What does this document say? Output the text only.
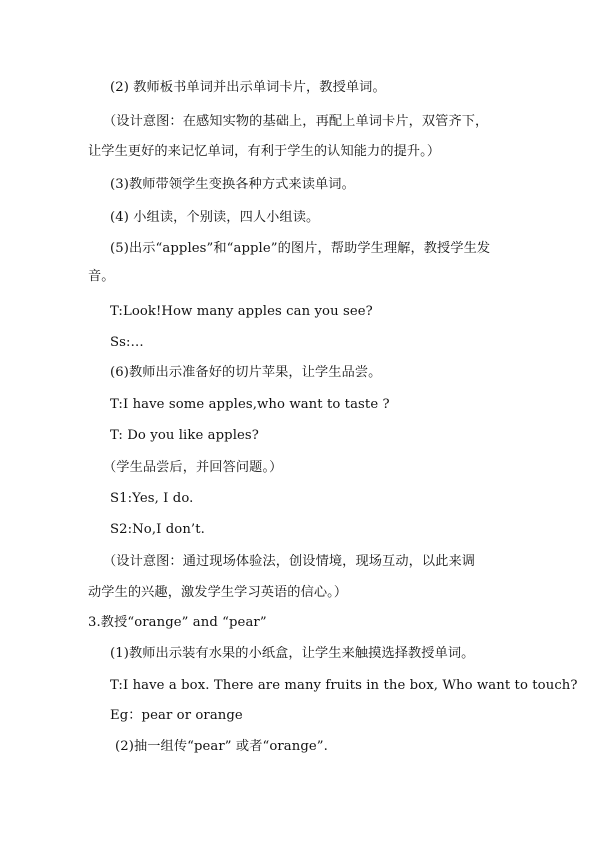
(2) 教师板书单词并出示单词卡片，教授单词。
（设计意图：在感知实物的基础上，再配上单词卡片，双管齐下，
让学生更好的来记忆单词，有利于学生的认知能力的提升。）
(3)教师带领学生变换各种方式来读单词。
(4) 小组读，个别读，四人小组读。
(5)出示“apples”和“apple”的图片，帮助学生理解，教授学生发
音。
T:Look!How many apples can you see?
Ss:…
(6)教师出示准备好的切片苹果，让学生品尝。
T:I have some apples,who want to taste ?
T: Do you like apples?
（学生品尝后，并回答问题。）
S1:Yes, I do.
S2:No,I don’t.
（设计意图：通过现场体验法，创设情境，现场互动，以此来调
动学生的兴趣，激发学生学习英语的信心。）
3.教授“orange” and “pear”
(1)教师出示装有水果的小纸盒，让学生来触摸选择教授单词。
T:I have a box. There are many fruits in the box, Who want to touch?
Eg：pear or orange
(2)抽一组传“pear” 或者“orange”.
